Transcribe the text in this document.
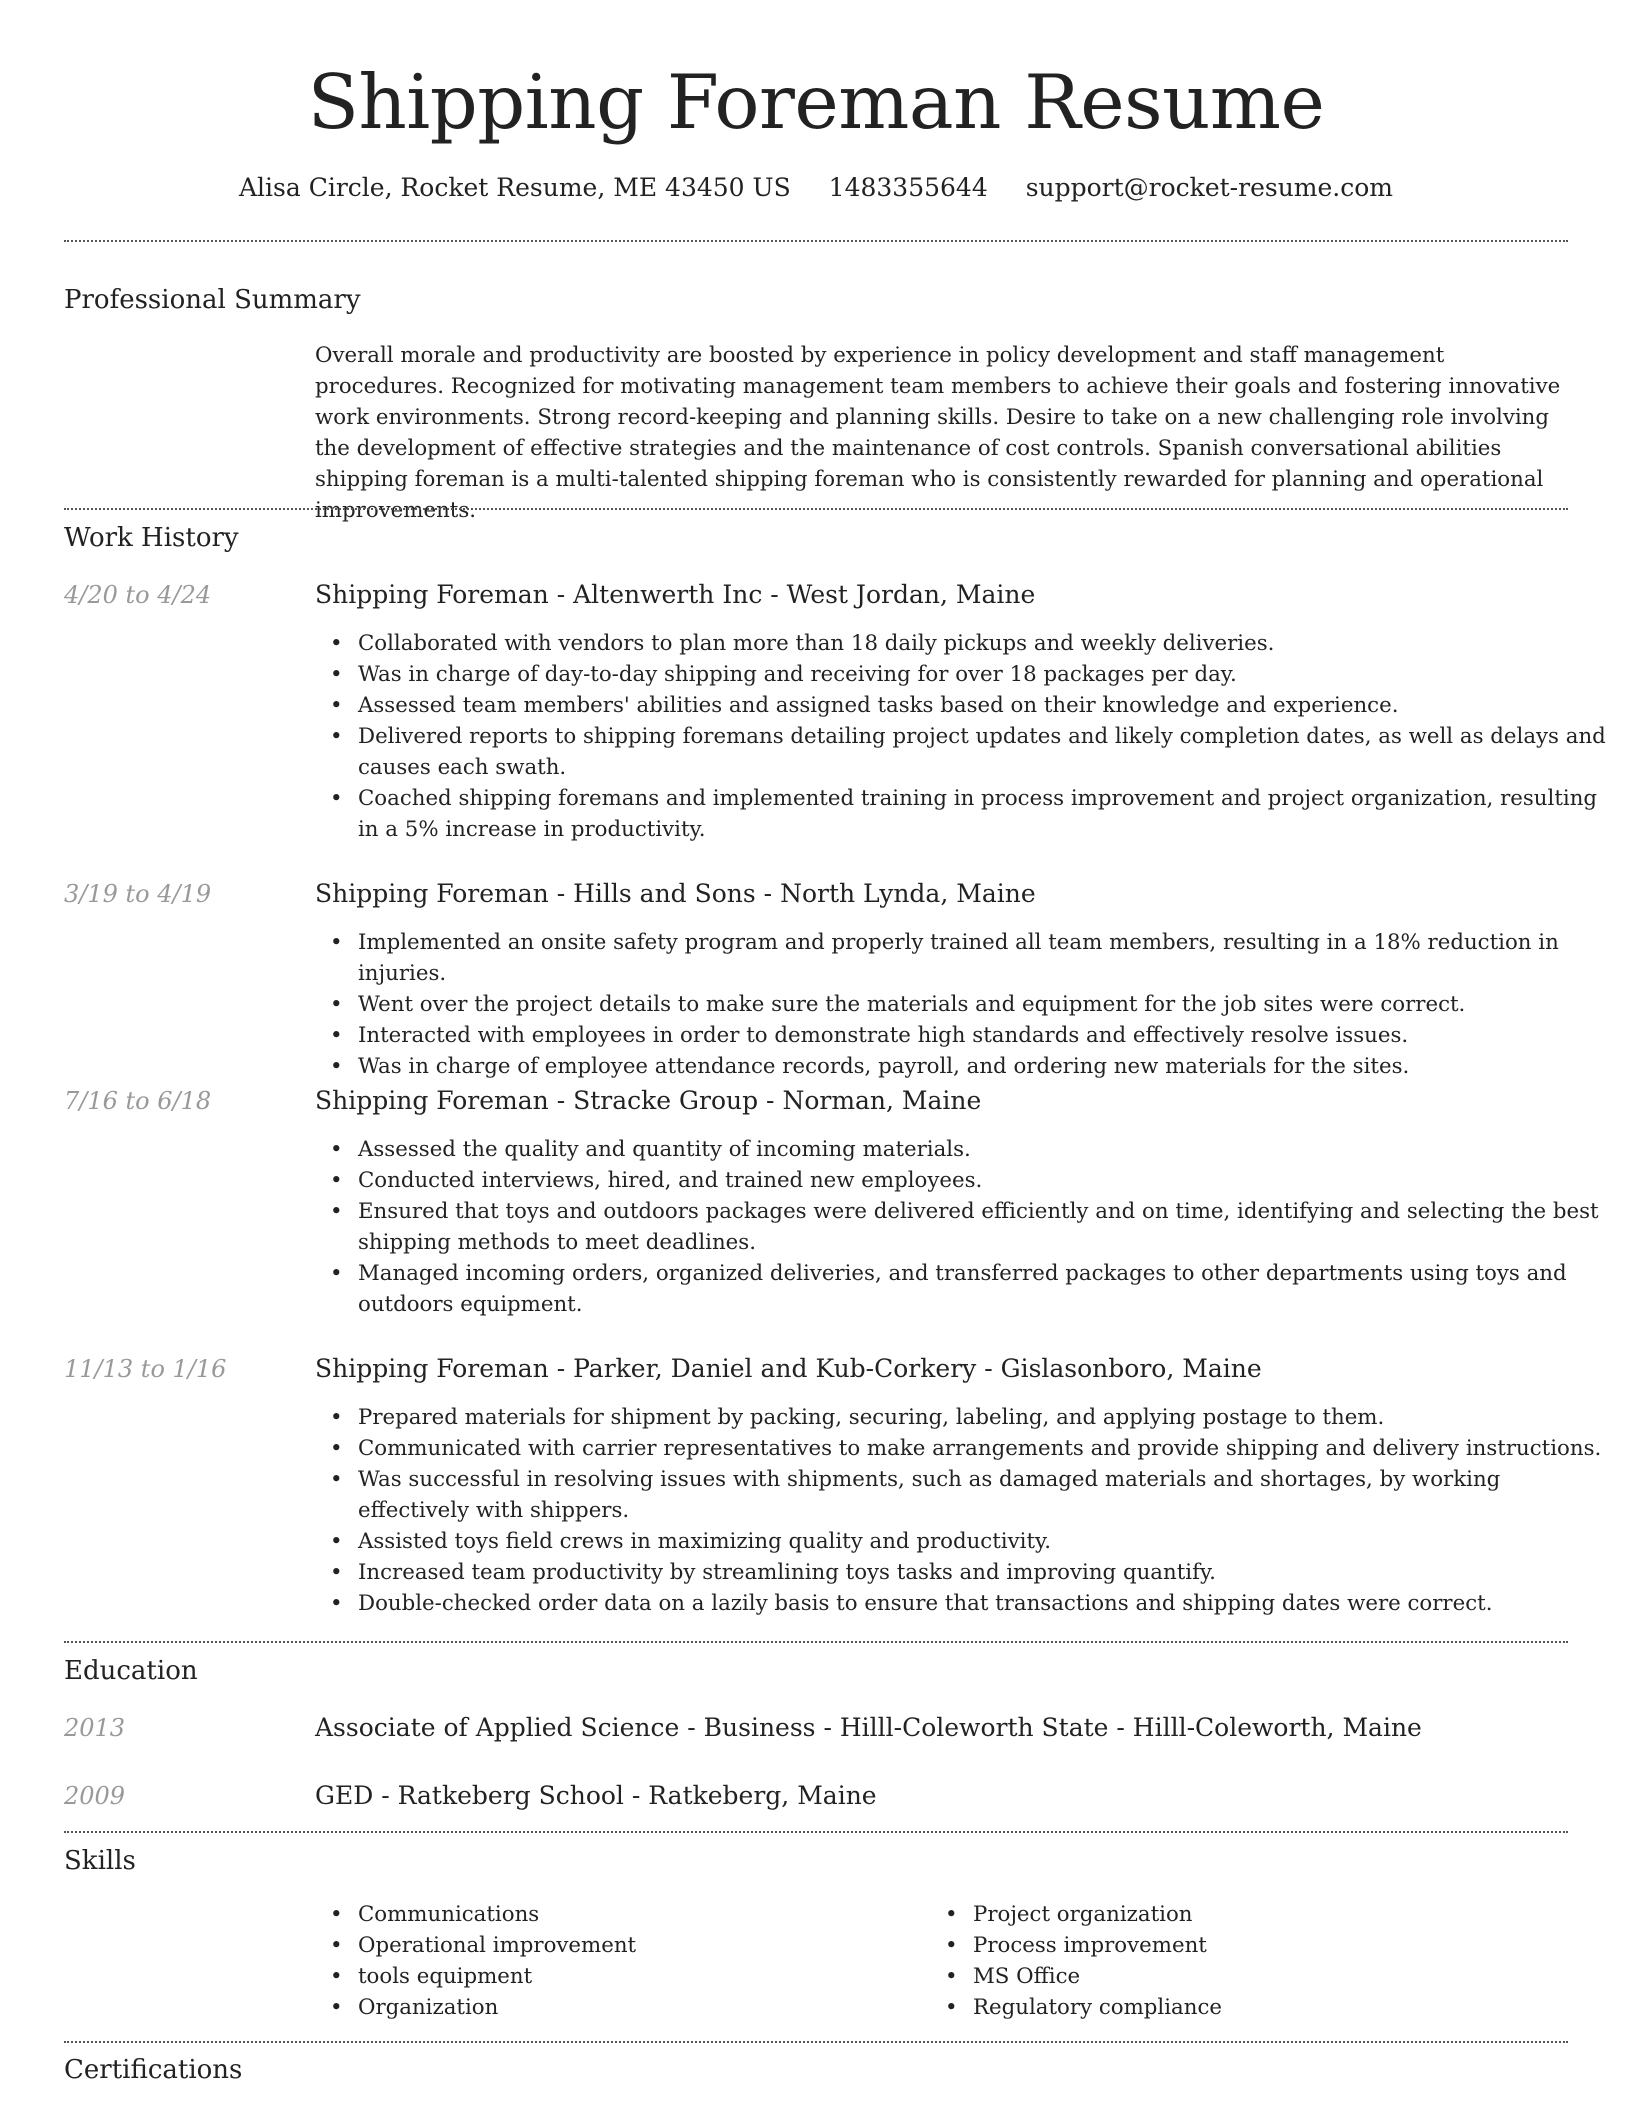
Shipping Foreman Resume
Alisa Circle, Rocket Resume, ME 43450 US 1483355644 support@rocket-resume.com
Professional Summary
Overall morale and productivity are boosted by experience in policy development and staff management procedures. Recognized for motivating management team members to achieve their goals and fostering innovative work environments. Strong record-keeping and planning skills. Desire to take on a new challenging role involving the development of effective strategies and the maintenance of cost controls. Spanish conversational abilities shipping foreman is a multi-talented shipping foreman who is consistently rewarded for planning and operational improvements.
Work History
4/20 to 4/24	Shipping Foreman - Altenwerth Inc - West Jordan, Maine
• Collaborated with vendors to plan more than 18 daily pickups and weekly deliveries.
• Was in charge of day-to-day shipping and receiving for over 18 packages per day.
• Assessed team members' abilities and assigned tasks based on their knowledge and experience.
• Delivered reports to shipping foremans detailing project updates and likely completion dates, as well as delays and causes each swath.
• Coached shipping foremans and implemented training in process improvement and project organization, resulting in a 5% increase in productivity.
3/19 to 4/19	Shipping Foreman - Hills and Sons - North Lynda, Maine
• Implemented an onsite safety program and properly trained all team members, resulting in a 18% reduction in injuries.
• Went over the project details to make sure the materials and equipment for the job sites were correct.
• Interacted with employees in order to demonstrate high standards and effectively resolve issues.
• Was in charge of employee attendance records, payroll, and ordering new materials for the sites.
7/16 to 6/18	Shipping Foreman - Stracke Group - Norman, Maine
• Assessed the quality and quantity of incoming materials.
• Conducted interviews, hired, and trained new employees.
• Ensured that toys and outdoors packages were delivered efficiently and on time, identifying and selecting the best shipping methods to meet deadlines.
• Managed incoming orders, organized deliveries, and transferred packages to other departments using toys and outdoors equipment.
11/13 to 1/16	Shipping Foreman - Parker, Daniel and Kub-Corkery - Gislasonboro, Maine
• Prepared materials for shipment by packing, securing, labeling, and applying postage to them.
• Communicated with carrier representatives to make arrangements and provide shipping and delivery instructions.
• Was successful in resolving issues with shipments, such as damaged materials and shortages, by working effectively with shippers.
• Assisted toys field crews in maximizing quality and productivity.
• Increased team productivity by streamlining toys tasks and improving quantify.
• Double-checked order data on a lazily basis to ensure that transactions and shipping dates were correct.
Education
2013	Associate of Applied Science - Business - Hilll-Coleworth State - Hilll-Coleworth, Maine
2009	GED - Ratkeberg School - Ratkeberg, Maine
Skills
• Communications
• Operational improvement
• tools equipment
• Organization
• Project organization
• Process improvement
• MS Office
• Regulatory compliance
Certifications
